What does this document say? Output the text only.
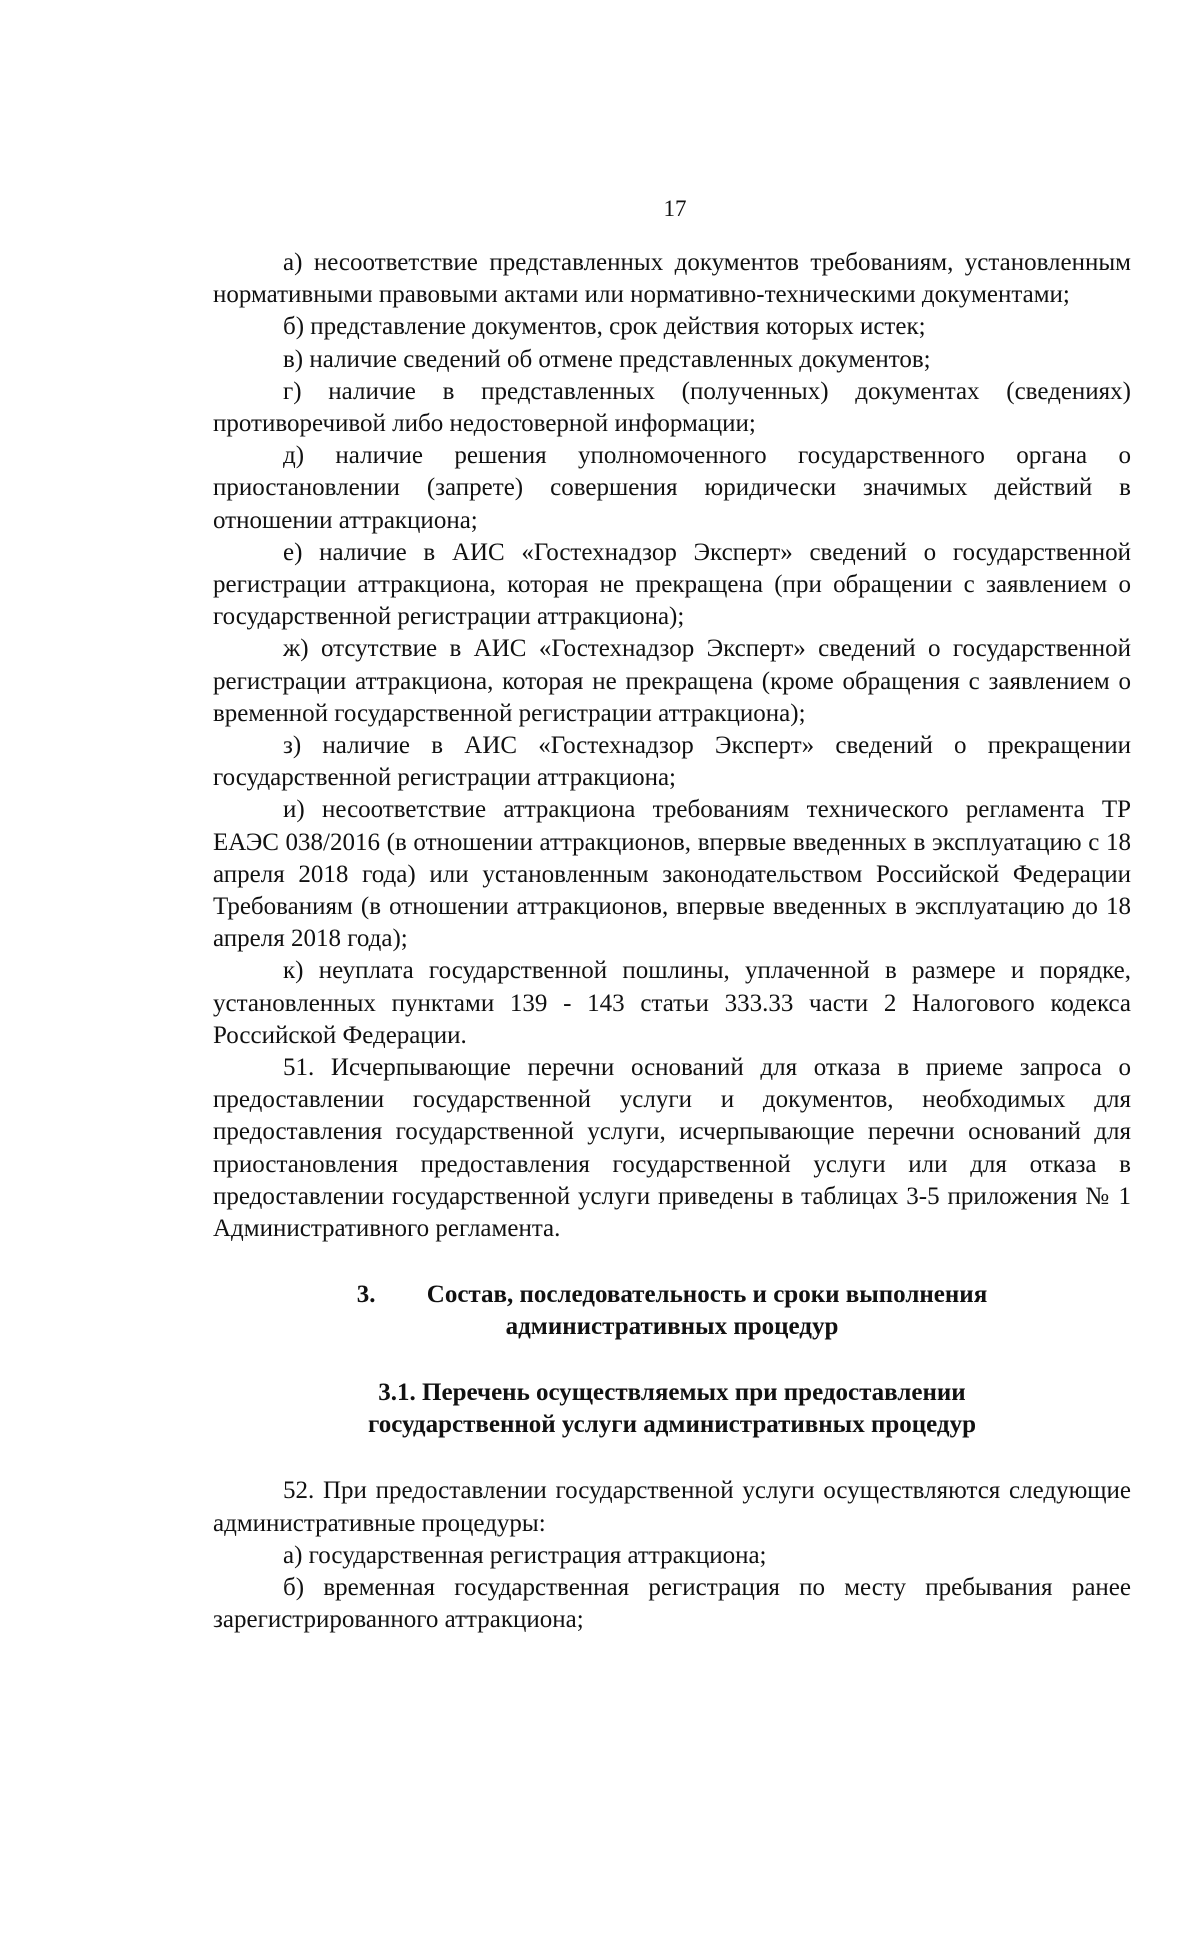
17

а) несоответствие представленных документов требованиям, установленным нормативными правовыми актами или нормативно-техническими документами;

б) представление документов, срок действия которых истек;

в) наличие сведений об отмене представленных документов;

г) наличие в представленных (полученных) документах (сведениях) противоречивой либо недостоверной информации;

д) наличие решения уполномоченного государственного органа о приостановлении (запрете) совершения юридически значимых действий в отношении аттракциона;

е) наличие в АИС «Гостехнадзор Эксперт» сведений о государственной регистрации аттракциона, которая не прекращена (при обращении с заявлением о государственной регистрации аттракциона);

ж) отсутствие в АИС «Гостехнадзор Эксперт» сведений о государственной регистрации аттракциона, которая не прекращена (кроме обращения с заявлением о временной государственной регистрации аттракциона);

з) наличие в АИС «Гостехнадзор Эксперт» сведений о прекращении государственной регистрации аттракциона;

и) несоответствие аттракциона требованиям технического регламента ТР ЕАЭС 038/2016 (в отношении аттракционов, впервые введенных в эксплуатацию с 18 апреля 2018 года) или установленным законодательством Российской Федерации Требованиям (в отношении аттракционов, впервые введенных в эксплуатацию до 18 апреля 2018 года);

к) неуплата государственной пошлины, уплаченной в размере и порядке, установленных пунктами 139 - 143 статьи 333.33 части 2 Налогового кодекса Российской Федерации.

51. Исчерпывающие перечни оснований для отказа в приеме запроса о предоставлении государственной услуги и документов, необходимых для предоставления государственной услуги, исчерпывающие перечни оснований для приостановления предоставления государственной услуги или для отказа в предоставлении государственной услуги приведены в таблицах 3-5 приложения № 1 Административного регламента.

3. Состав, последовательность и сроки выполнения
административных процедур
3.1. Перечень осуществляемых при предоставлении
государственной услуги административных процедур

52. При предоставлении государственной услуги осуществляются следующие административные процедуры:

а) государственная регистрация аттракциона;

б) временная государственная регистрация по месту пребывания ранее зарегистрированного аттракциона;
